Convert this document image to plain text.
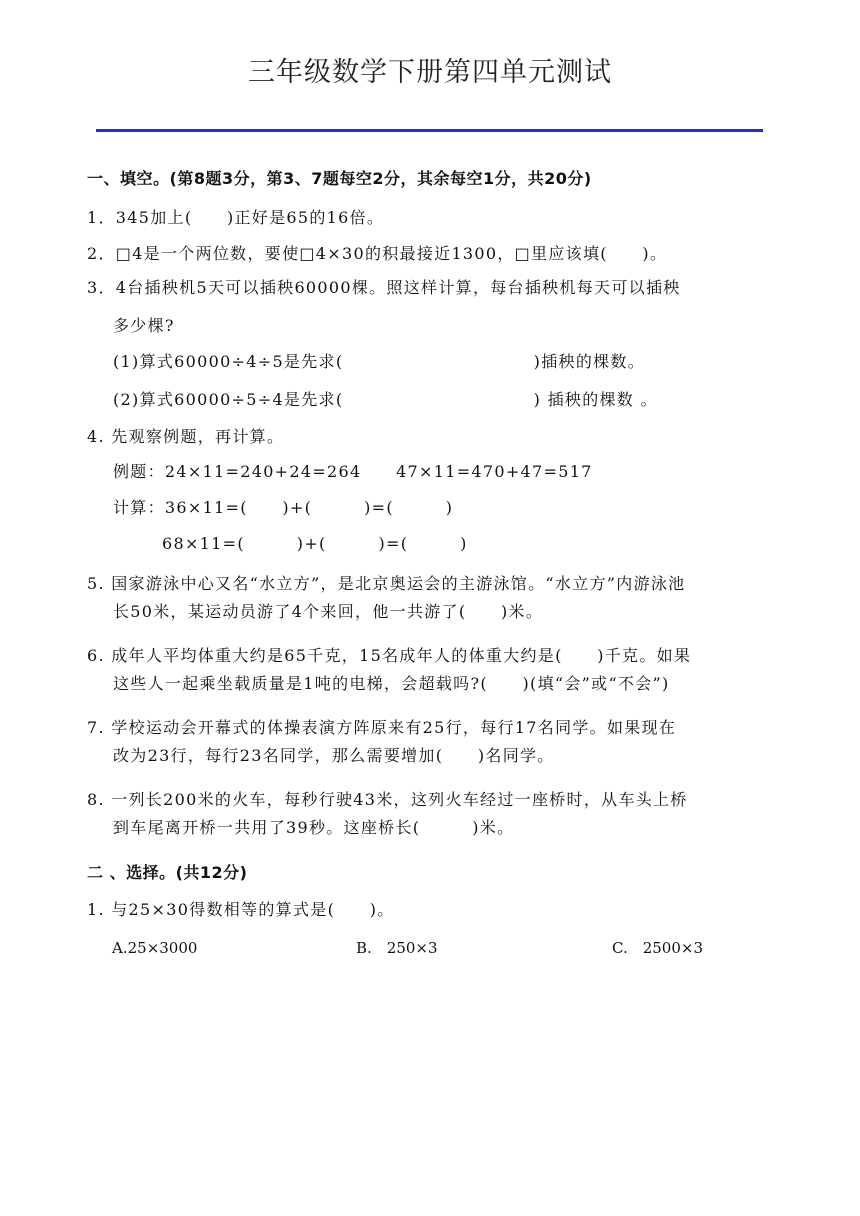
三年级数学下册第四单元测试
一、填空。(第8题3分，第3、7题每空2分，其余每空1分，共20分)
1．345加上(　　)正好是65的16倍。
2．□4是一个两位数，要使□4×30的积最接近1300，□里应该填(　　)。
3．4台插秧机5天可以插秧60000棵。照这样计算，每台插秧机每天可以插秧
多少棵?
(1)算式60000÷4÷5是先求(　　　　　　　　　　　)插秧的棵数。
(2)算式60000÷5÷4是先求(　　　　　　　　　　　) 插秧的棵数 。
4. 先观察例题，再计算。
例题：24×11=240+24=264　　47×11=470+47=517
计算：36×11=(　　)+(　　　)=(　　　)
68×11=(　　　)+(　　　)=(　　　)
5. 国家游泳中心又名“水立方”，是北京奥运会的主游泳馆。“水立方”内游泳池
长50米，某运动员游了4个来回，他一共游了(　　)米。
6. 成年人平均体重大约是65千克，15名成年人的体重大约是(　　)千克。如果
这些人一起乘坐载质量是1吨的电梯，会超载吗?(　　)(填“会”或“不会”)
7. 学校运动会开幕式的体操表演方阵原来有25行，每行17名同学。如果现在
改为23行，每行23名同学，那么需要增加(　　)名同学。
8. 一列长200米的火车，每秒行驶43米，这列火车经过一座桥时，从车头上桥
到车尾离开桥一共用了39秒。这座桥长(　　　)米。
二 、选择。(共12分)
1. 与25×30得数相等的算式是(　　)。
A.25×3000	B.　250×3	C.　2500×3
